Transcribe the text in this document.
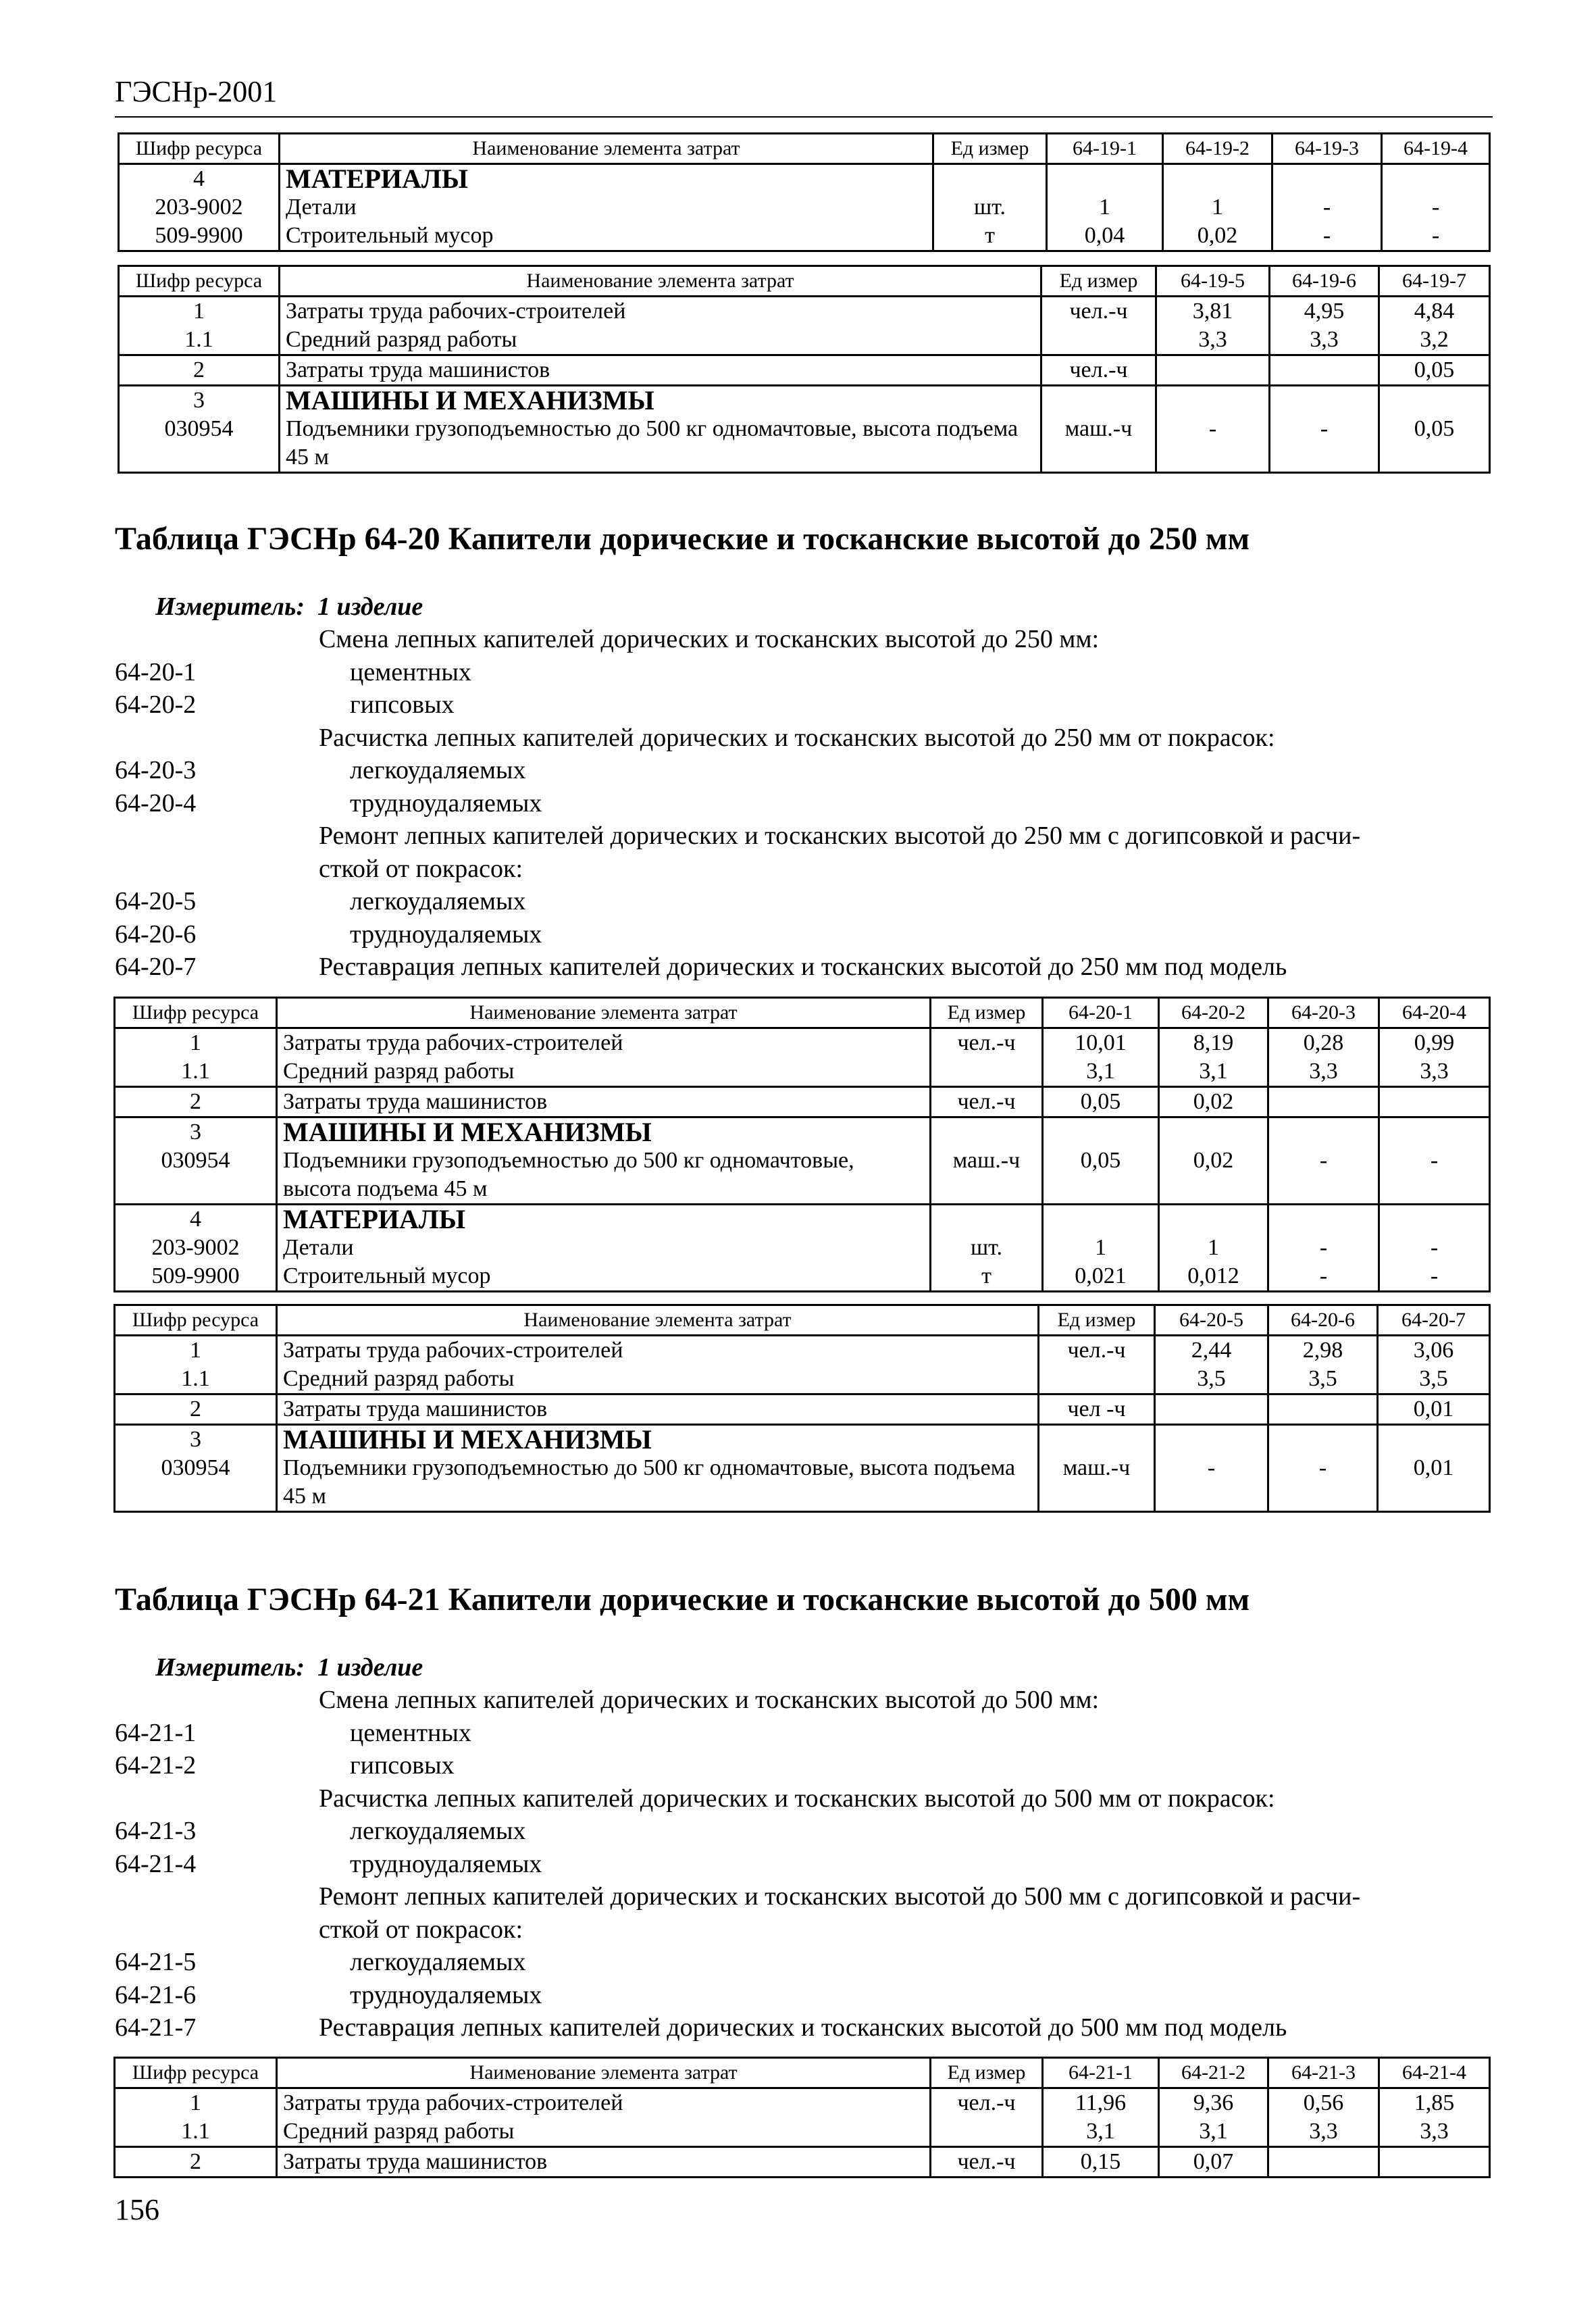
ГЭСНр-2001
Шифр ресурса	Наименование элемента затрат	Ед измер	64-19-1	64-19-2	64-19-3	64-19-4
4	МАТЕРИАЛЫ					
203-9002	Детали	шт.	1	1	-	-
509-9900	Строительный мусор	т	0,04	0,02	-	-
Шифр ресурса	Наименование элемента затрат	Ед измер	64-19-5	64-19-6	64-19-7
1	Затраты труда рабочих-строителей	чел.-ч	3,81	4,95	4,84
1.1	Средний разряд работы		3,3	3,3	3,2
2	Затраты труда машинистов	чел.-ч			0,05
3	МАШИНЫ И МЕХАНИЗМЫ				
030954	Подъемники грузоподъемностью до 500 кг одномачтовые, высота подъема 45 м	маш.-ч	-	-	0,05
Таблица ГЭСНр 64-20 Капители дорические и тосканские высотой до 250 мм
Измеритель: 1 изделие
Смена лепных капителей дорических и тосканских высотой до 250 мм:
64-20-1	цементных
64-20-2	гипсовых
Расчистка лепных капителей дорических и тосканских высотой до 250 мм от покрасок:
64-20-3	легкоудаляемых
64-20-4	трудноудаляемых
Ремонт лепных капителей дорических и тосканских высотой до 250 мм с догипсовкой и расчи-
сткой от покрасок:
64-20-5	легкоудаляемых
64-20-6	трудноудаляемых
64-20-7	Реставрация лепных капителей дорических и тосканских высотой до 250 мм под модель
Шифр ресурса	Наименование элемента затрат	Ед измер	64-20-1	64-20-2	64-20-3	64-20-4
1	Затраты труда рабочих-строителей	чел.-ч	10,01	8,19	0,28	0,99
1.1	Средний разряд работы		3,1	3,1	3,3	3,3
2	Затраты труда машинистов	чел.-ч	0,05	0,02		
3	МАШИНЫ И МЕХАНИЗМЫ					
030954	Подъемники грузоподъемностью до 500 кг одномачтовые, высота подъема 45 м	маш.-ч	0,05	0,02	-	-
4	МАТЕРИАЛЫ					
203-9002	Детали	шт.	1	1	-	-
509-9900	Строительный мусор	т	0,021	0,012	-	-
Шифр ресурса	Наименование элемента затрат	Ед измер	64-20-5	64-20-6	64-20-7
1	Затраты труда рабочих-строителей	чел.-ч	2,44	2,98	3,06
1.1	Средний разряд работы		3,5	3,5	3,5
2	Затраты труда машинистов	чел -ч			0,01
3	МАШИНЫ И МЕХАНИЗМЫ				
030954	Подъемники грузоподъемностью до 500 кг одномачтовые, высота подъема 45 м	маш.-ч	-	-	0,01
Таблица ГЭСНр 64-21 Капители дорические и тосканские высотой до 500 мм
Измеритель: 1 изделие
Смена лепных капителей дорических и тосканских высотой до 500 мм:
64-21-1	цементных
64-21-2	гипсовых
Расчистка лепных капителей дорических и тосканских высотой до 500 мм от покрасок:
64-21-3	легкоудаляемых
64-21-4	трудноудаляемых
Ремонт лепных капителей дорических и тосканских высотой до 500 мм с догипсовкой и расчи-
сткой от покрасок:
64-21-5	легкоудаляемых
64-21-6	трудноудаляемых
64-21-7	Реставрация лепных капителей дорических и тосканских высотой до 500 мм под модель
Шифр ресурса	Наименование элемента затрат	Ед измер	64-21-1	64-21-2	64-21-3	64-21-4
1	Затраты труда рабочих-строителей	чел.-ч	11,96	9,36	0,56	1,85
1.1	Средний разряд работы		3,1	3,1	3,3	3,3
2	Затраты труда машинистов	чел.-ч	0,15	0,07		
156
